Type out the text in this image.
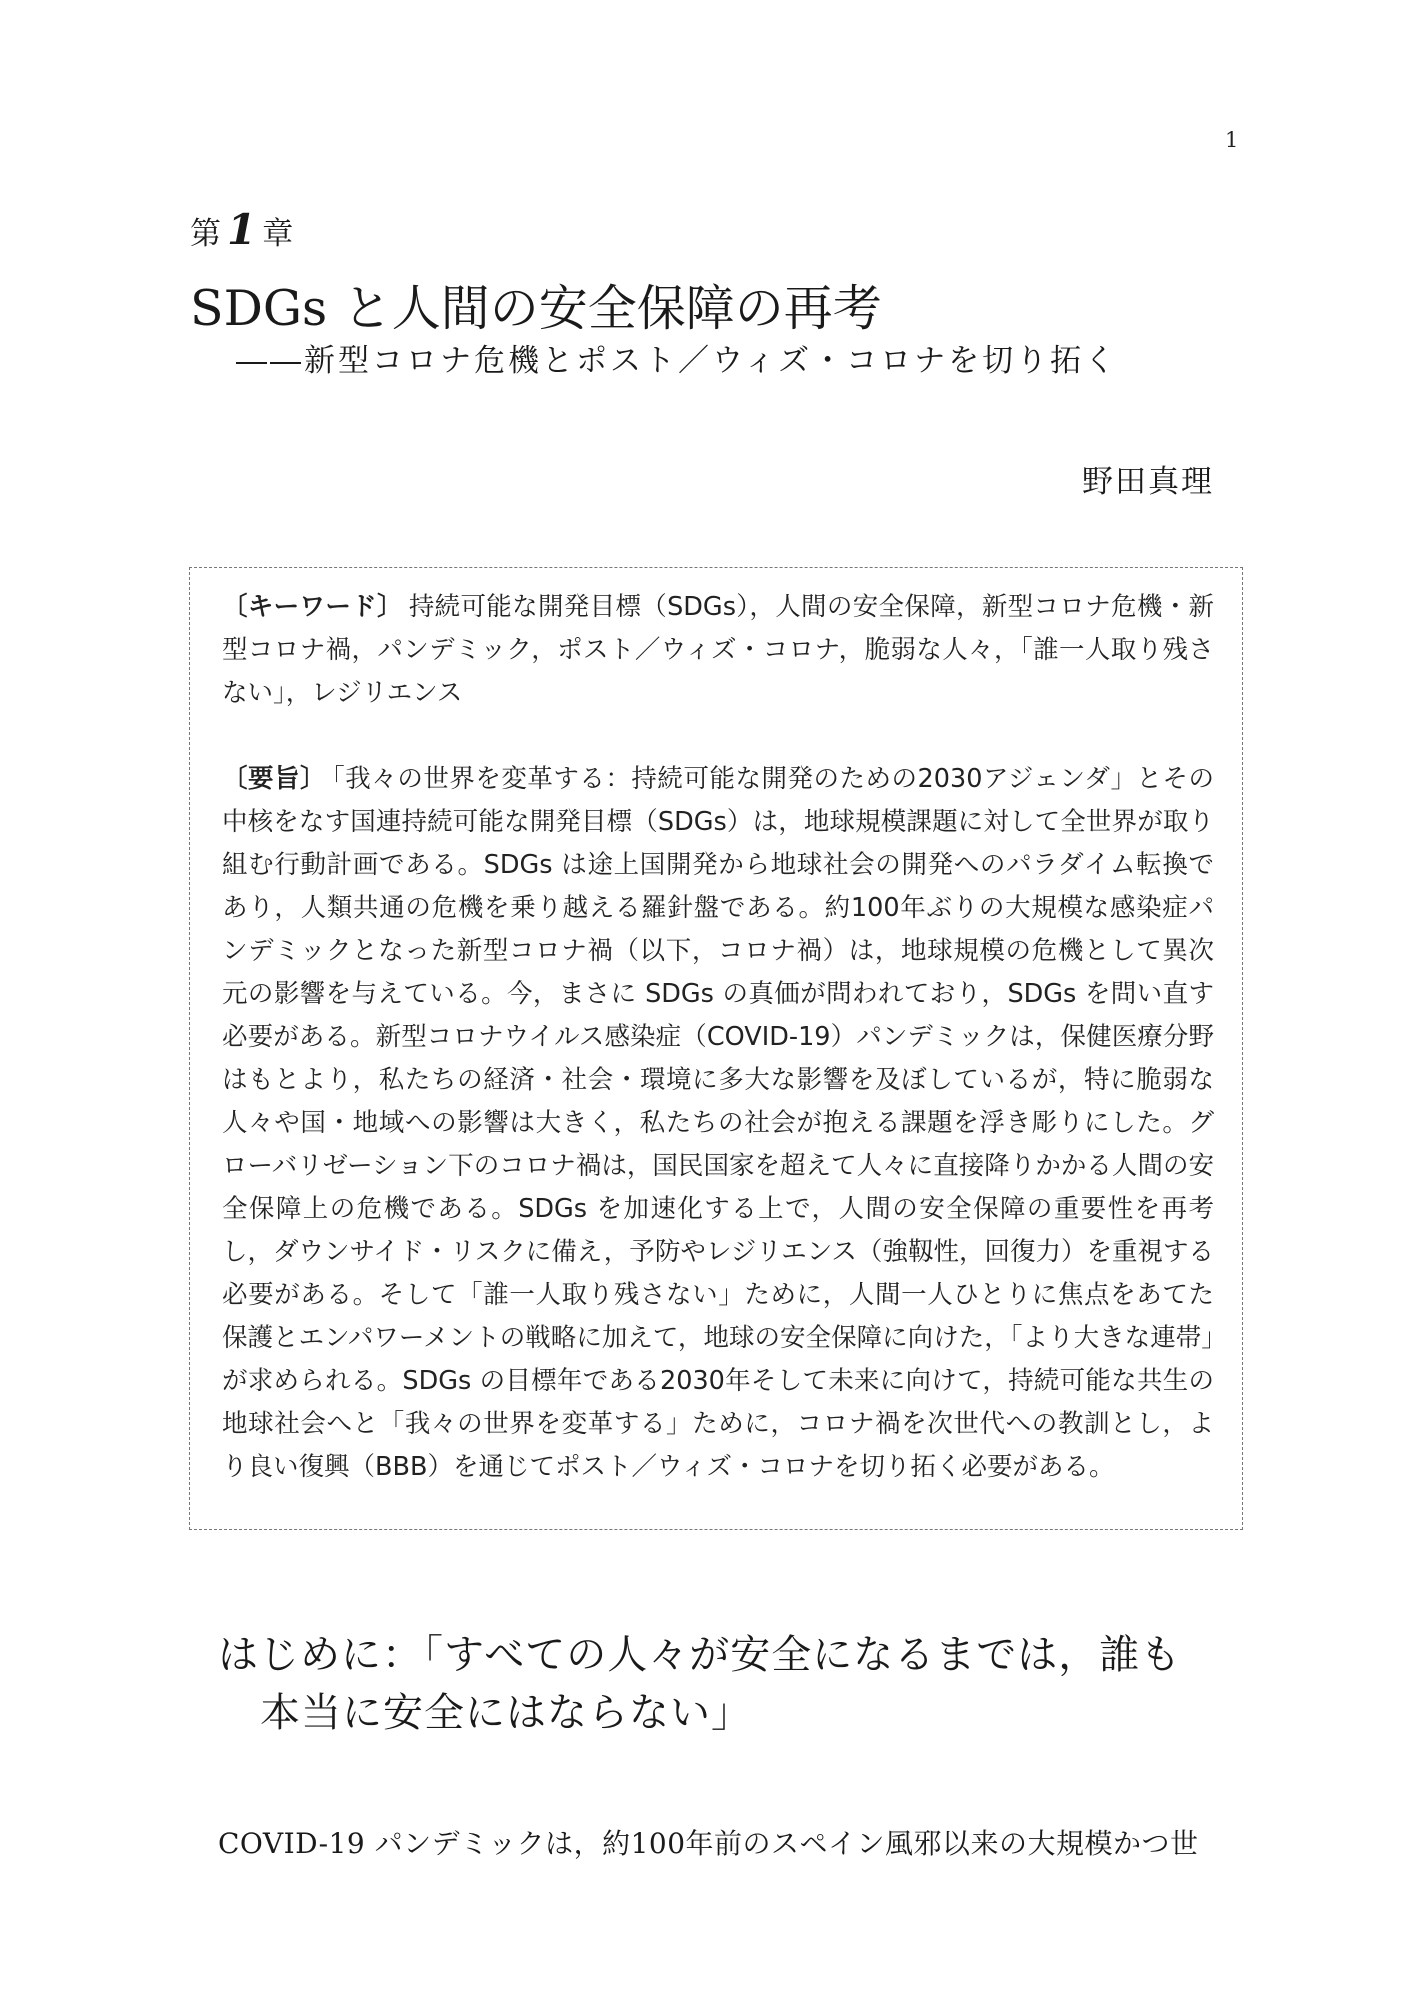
1
第1 章
SDGs と人間の安全保障の再考
――新型コロナ危機とポスト／ウィズ・コロナを切り拓く
野田真理

〔キーワード〕 持続可能な開発目標（SDGs），人間の安全保障，新型コロナ危機・新型コロナ禍，パンデミック，ポスト／ウィズ・コロナ，脆弱な人々，「誰一人取り残さない」，レジリエンス

〔要旨〕 「我々の世界を変革する：持続可能な開発のための2030アジェンダ」とその中核をなす国連持続可能な開発目標（SDGs）は，地球規模課題に対して全世界が取り組む行動計画である。SDGs は途上国開発から地球社会の開発へのパラダイム転換であり，人類共通の危機を乗り越える羅針盤である。約100年ぶりの大規模な感染症パンデミックとなった新型コロナ禍（以下，コロナ禍）は，地球規模の危機として異次元の影響を与えている。今，まさに SDGs の真価が問われており，SDGs を問い直す必要がある。新型コロナウイルス感染症（COVID-19）パンデミックは，保健医療分野はもとより，私たちの経済・社会・環境に多大な影響を及ぼしているが，特に脆弱な人々や国・地域への影響は大きく，私たちの社会が抱える課題を浮き彫りにした。グローバリゼーション下のコロナ禍は，国民国家を超えて人々に直接降りかかる人間の安全保障上の危機である。SDGs を加速化する上で，人間の安全保障の重要性を再考し，ダウンサイド・リスクに備え，予防やレジリエンス（強靱性，回復力）を重視する必要がある。そして「誰一人取り残さない」ために，人間一人ひとりに焦点をあてた保護とエンパワーメントの戦略に加えて，地球の安全保障に向けた，「より大きな連帯」が求められる。SDGs の目標年である2030年そして未来に向けて，持続可能な共生の地球社会へと「我々の世界を変革する」ために，コロナ禍を次世代への教訓とし，より良い復興（BBB）を通じてポスト／ウィズ・コロナを切り拓く必要がある。

はじめに：「すべての人々が安全になるまでは，誰も
本当に安全にはならない」
COVID-19 パンデミックは，約100年前のスペイン風邪以来の大規模かつ世
